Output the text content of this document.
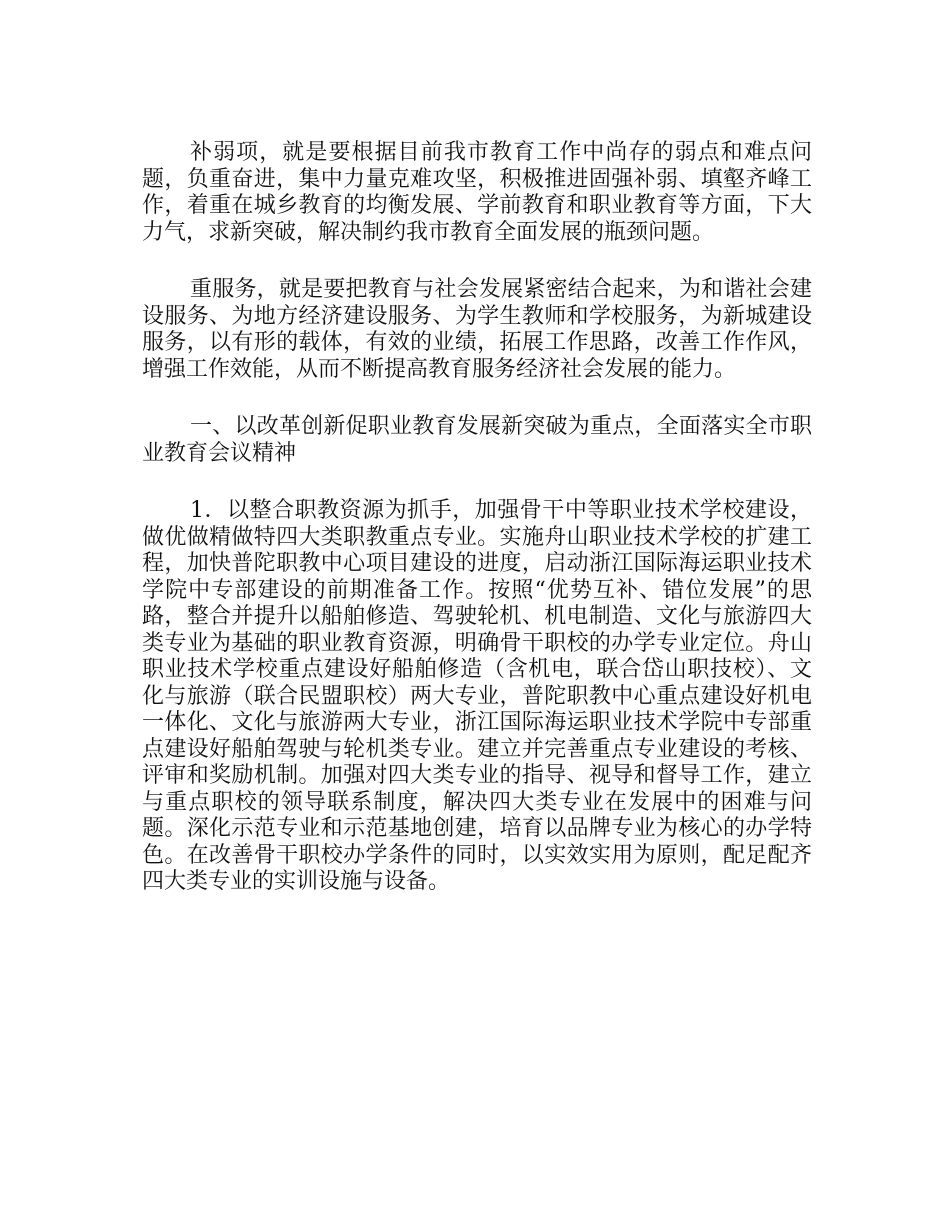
补弱项，就是要根据目前我市教育工作中尚存的弱点和难点问题，负重奋进，集中力量克难攻坚，积极推进固强补弱、填壑齐峰工作，着重在城乡教育的均衡发展、学前教育和职业教育等方面，下大力气，求新突破，解决制约我市教育全面发展的瓶颈问题。

重服务，就是要把教育与社会发展紧密结合起来，为和谐社会建设服务、为地方经济建设服务、为学生教师和学校服务，为新城建设服务，以有形的载体，有效的业绩，拓展工作思路，改善工作作风，增强工作效能，从而不断提高教育服务经济社会发展的能力。

一、以改革创新促职业教育发展新突破为重点，全面落实全市职业教育会议精神

1．以整合职教资源为抓手，加强骨干中等职业技术学校建设，做优做精做特四大类职教重点专业。实施舟山职业技术学校的扩建工程，加快普陀职教中心项目建设的进度，启动浙江国际海运职业技术学院中专部建设的前期准备工作。按照“优势互补、错位发展”的思路，整合并提升以船舶修造、驾驶轮机、机电制造、文化与旅游四大类专业为基础的职业教育资源，明确骨干职校的办学专业定位。舟山职业技术学校重点建设好船舶修造（含机电，联合岱山职技校）、文化与旅游（联合民盟职校）两大专业，普陀职教中心重点建设好机电一体化、文化与旅游两大专业，浙江国际海运职业技术学院中专部重点建设好船舶驾驶与轮机类专业。建立并完善重点专业建设的考核、评审和奖励机制。加强对四大类专业的指导、视导和督导工作，建立与重点职校的领导联系制度，解决四大类专业在发展中的困难与问题。深化示范专业和示范基地创建，培育以品牌专业为核心的办学特色。在改善骨干职校办学条件的同时，以实效实用为原则，配足配齐四大类专业的实训设施与设备。
